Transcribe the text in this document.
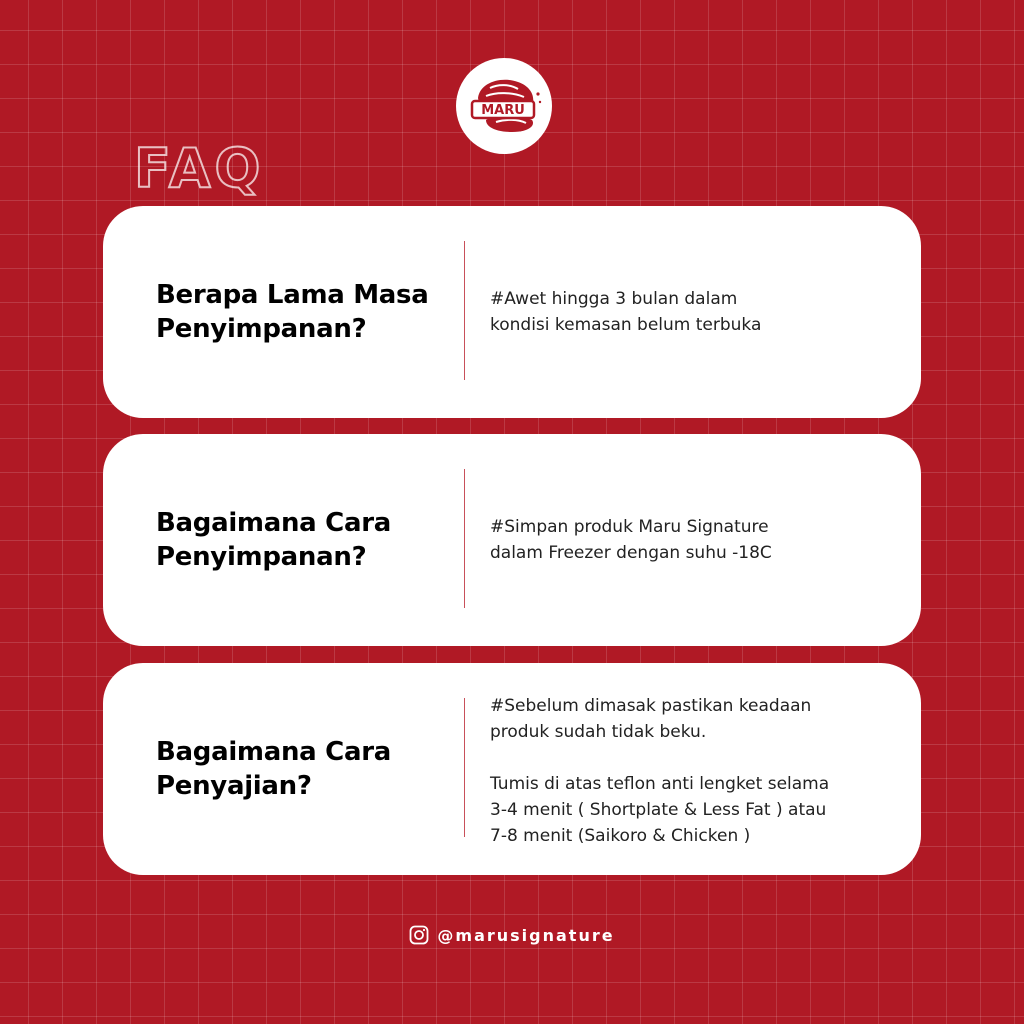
MARU
FAQ
Berapa Lama Masa
Penyimpanan?
#Awet hingga 3 bulan dalam
kondisi kemasan belum terbuka
Bagaimana Cara
Penyimpanan?
#Simpan produk Maru Signature
dalam Freezer dengan suhu -18C
Bagaimana Cara
Penyajian?
#Sebelum dimasak pastikan keadaan
produk sudah tidak beku.

Tumis di atas teflon anti lengket selama
3-4 menit ( Shortplate & Less Fat ) atau
7-8 menit (Saikoro & Chicken )
@marusignature
